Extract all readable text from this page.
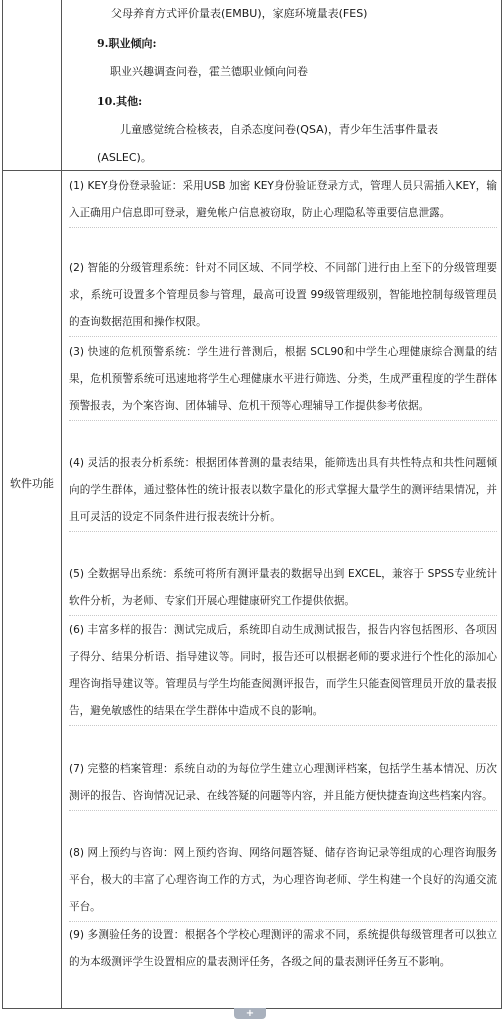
父母养育方式评价量表(EMBU)，家庭环境量表(FES)
9.职业倾向:
职业兴趣调查问卷，霍兰德职业倾向问卷
10.其他:
儿童感觉统合检核表，自杀态度问卷(QSA)，青少年生活事件量表
(ASLEC)。
软件功能
(1) KEY身份登录验证：采用USB 加密 KEY身份验证登录方式，管理人员只需插入KEY，输入正确用户信息即可登录，避免帐户信息被窃取，防止心理隐私等重要信息泄露。
(2) 智能的分级管理系统：针对不同区域、不同学校、不同部门进行由上至下的分级管理要求，系统可设置多个管理员参与管理，最高可设置 99级管理级别，智能地控制每级管理员的查询数据范围和操作权限。
(3) 快速的危机预警系统：学生进行普测后，根据 SCL90和中学生心理健康综合测量的结果，危机预警系统可迅速地将学生心理健康水平进行筛选、分类，生成严重程度的学生群体预警报表，为个案咨询、团体辅导、危机干预等心理辅导工作提供参考依据。
(4) 灵活的报表分析系统：根据团体普测的量表结果，能筛选出具有共性特点和共性问题倾向的学生群体，通过整体性的统计报表以数字量化的形式掌握大量学生的测评结果情况，并且可灵活的设定不同条件进行报表统计分析。
(5) 全数据导出系统：系统可将所有测评量表的数据导出到 EXCEL，兼容于 SPSS专业统计软件分析，为老师、专家们开展心理健康研究工作提供依据。
(6) 丰富多样的报告：测试完成后，系统即自动生成测试报告，报告内容包括图形、各项因子得分、结果分析语、指导建议等。同时，报告还可以根据老师的要求进行个性化的添加心理咨询指导建议等。管理员与学生均能查阅测评报告，而学生只能查阅管理员开放的量表报告，避免敏感性的结果在学生群体中造成不良的影响。
(7) 完整的档案管理：系统自动的为每位学生建立心理测评档案，包括学生基本情况、历次测评的报告、咨询情况记录、在线答疑的问题等内容，并且能方便快捷查询这些档案内容。
(8) 网上预约与咨询：网上预约咨询、网络问题答疑、储存咨询记录等组成的心理咨询服务平台，极大的丰富了心理咨询工作的方式，为心理咨询老师、学生构建一个良好的沟通交流平台。
(9) 多测验任务的设置：根据各个学校心理测评的需求不同，系统提供每级管理者可以独立的为本级测评学生设置相应的量表测评任务，各级之间的量表测评任务互不影响。
+
